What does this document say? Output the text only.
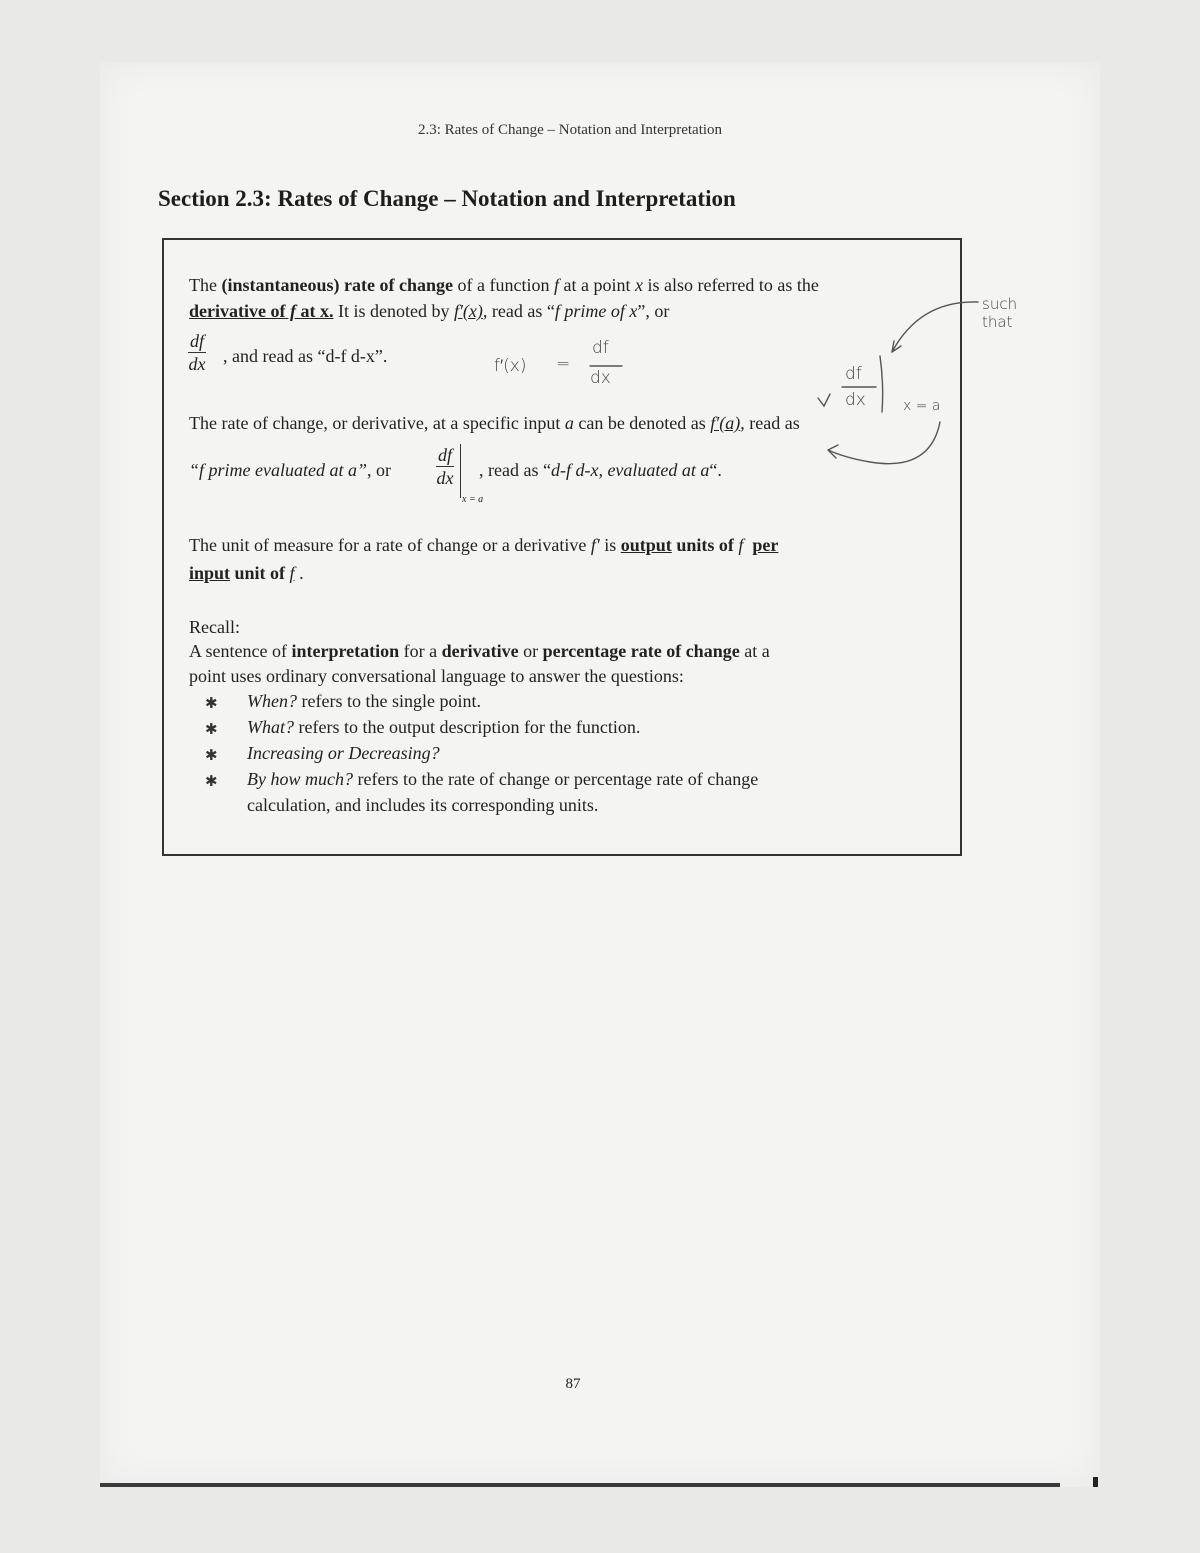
2.3: Rates of Change – Notation and Interpretation
Section 2.3: Rates of Change – Notation and Interpretation
The (instantaneous) rate of change of a function f at a point x is also referred to as the
derivative of f at x. It is denoted by f′(x), read as “f prime of x”, or
$\frac{df}{dx}$ , and read as “d-f d-x”.
The rate of change, or derivative, at a specific input a can be denoted as f′(a), read as
“f prime evaluated at a”, or	$\frac{df}{dx}$
x = a
, read as “d-f d-x, evaluated at a“.
The unit of measure for a rate of change or a derivative f′ is output units of f per
input unit of f .
Recall:
A sentence of interpretation for a derivative or percentage rate of change at a
point uses ordinary conversational language to answer the questions:
✱ When? refers to the single point.
✱ What? refers to the output description for the function.
✱ Increasing or Decreasing?
✱ By how much? refers to the rate of change or percentage rate of change
calculation, and includes its corresponding units.
f′(x) =
df
dx	df
dx	x = a
such
that
87
